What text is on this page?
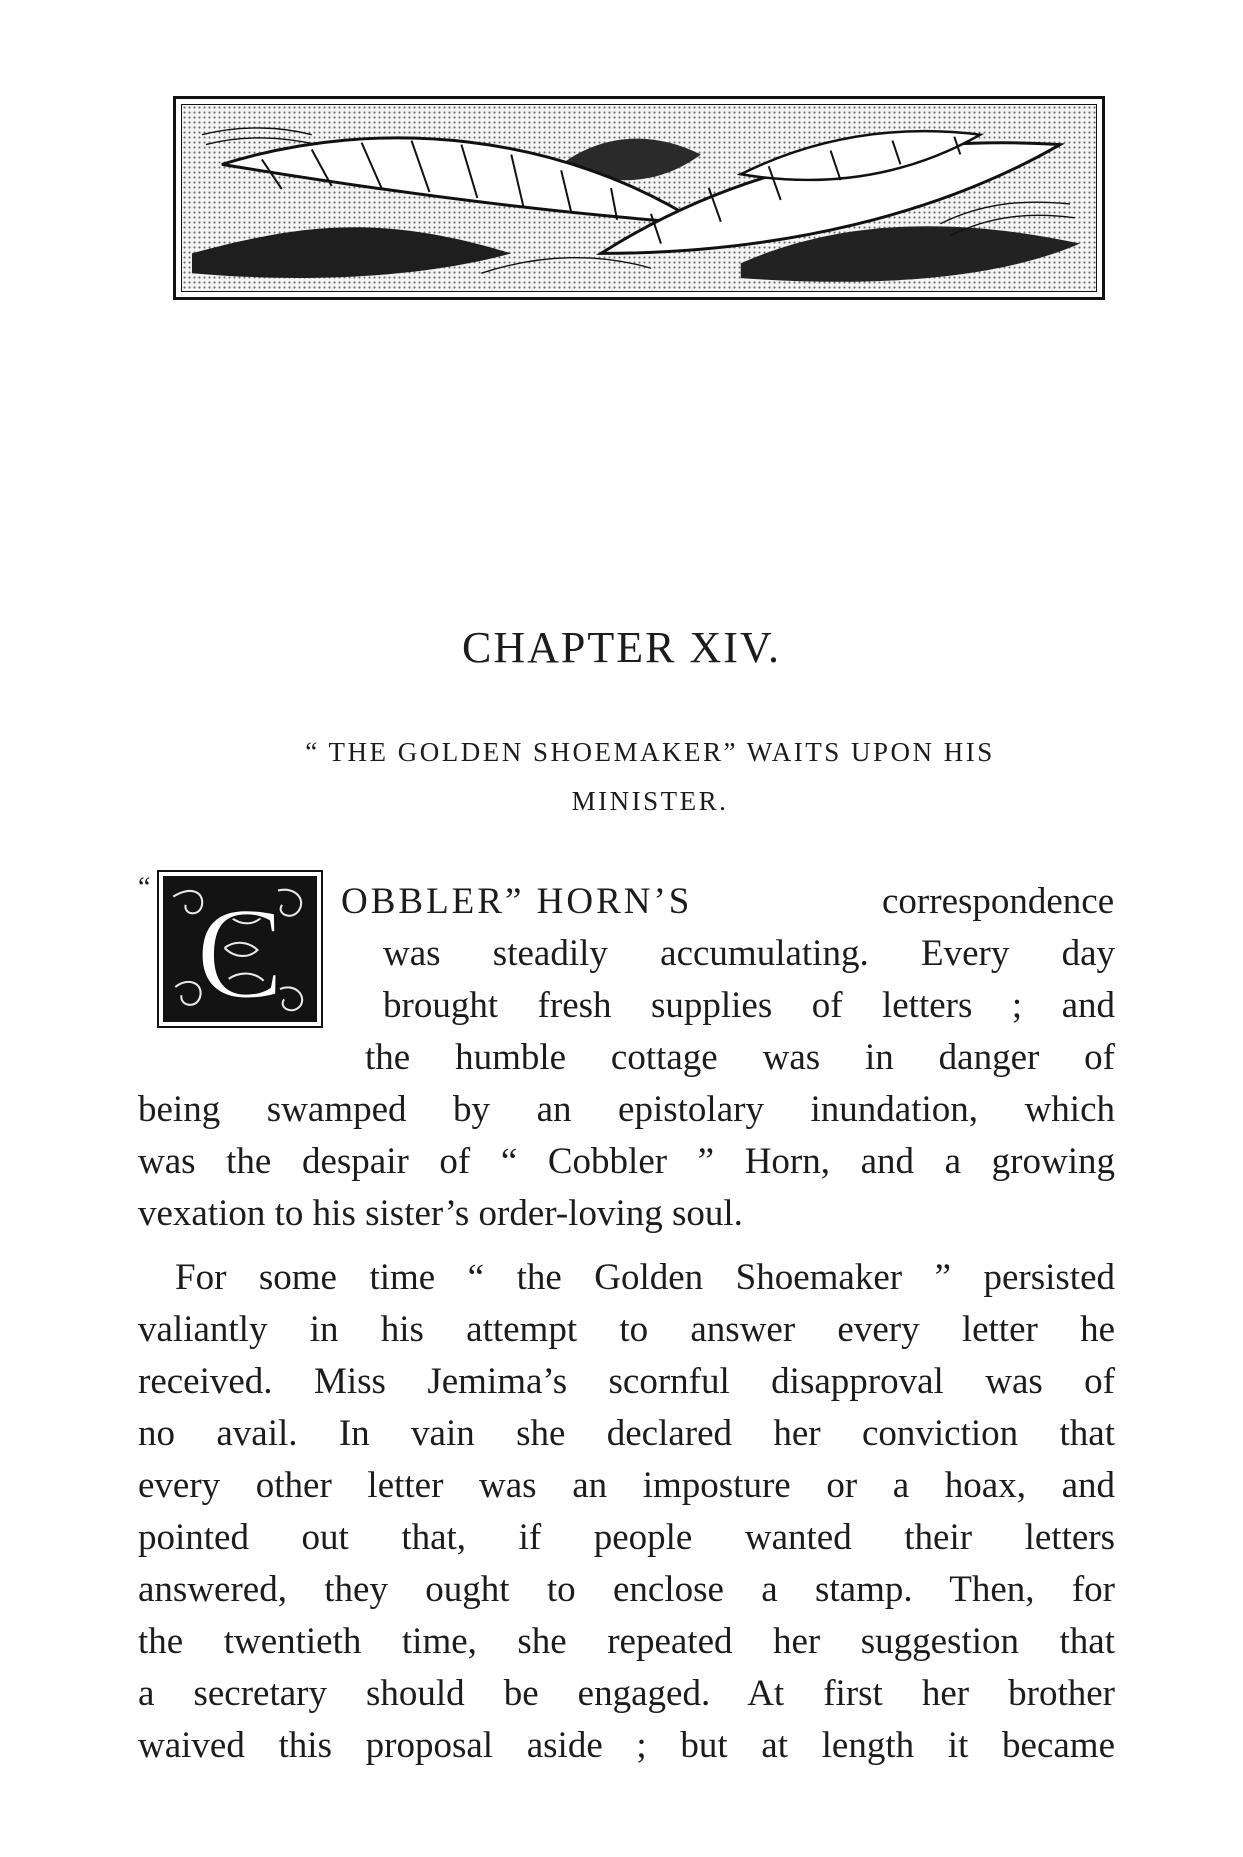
CHAPTER XIV.
“ THE GOLDEN SHOEMAKER” WAITS UPON HIS
MINISTER.
“ C OBBLER” HORN’S	correspondence
was steadily accumulating. Every day
brought fresh supplies of letters ; and
the humble cottage was in danger of
being swamped by an epistolary inundation, which
was the despair of “ Cobbler ” Horn, and a growing
vexation to his sister’s order-loving soul.
For some time “ the Golden Shoemaker ” persisted
valiantly in his attempt to answer every letter he
received. Miss Jemima’s scornful disapproval was of
no avail. In vain she declared her conviction that
every other letter was an imposture or a hoax, and
pointed out that, if people wanted their letters
answered, they ought to enclose a stamp. Then, for
the twentieth time, she repeated her suggestion that
a secretary should be engaged. At first her brother
waived this proposal aside ; but at length it became
